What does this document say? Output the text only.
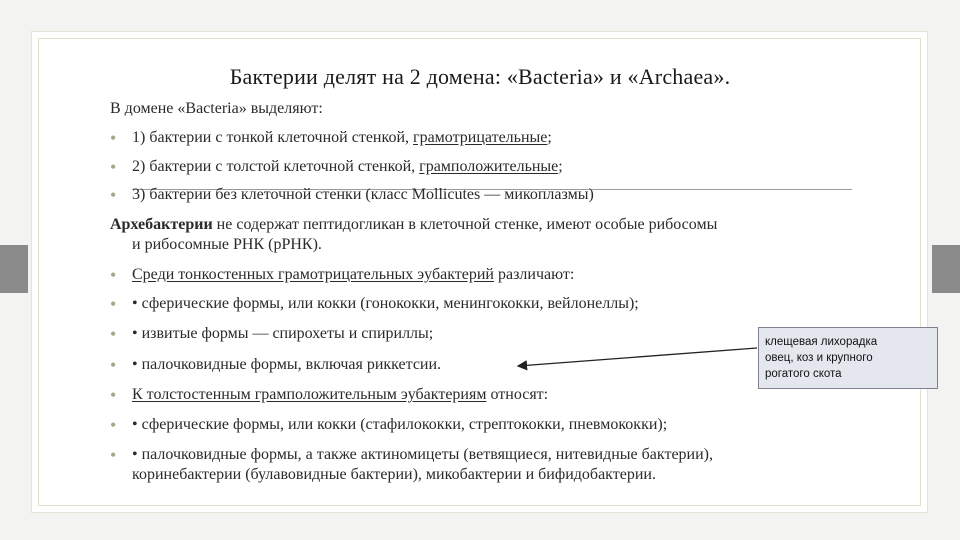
Бактерии делят на 2 домена: «Bacteria» и «Archaea».
В домене «Bacteria» выделяют:
• 1) бактерии с тонкой клеточной стенкой, грамотрицательные;
• 2) бактерии с толстой клеточной стенкой, грамположительные;
• 3) бактерии без клеточной стенки (класс Mollicutes — микоплазмы)
Архебактерии не содержат пептидогликан в клеточной стенке, имеют особые рибосомы
и рибосомные РНК (рРНК).
• Среди тонкостенных грамотрицательных эубактерий различают:
• • сферические формы, или кокки (гонококки, менингококки, вейлонеллы);
• • извитые формы — спирохеты и спириллы;
• • палочковидные формы, включая риккетсии.
• К толстостенным грамположительным эубактериям относят:
• • сферические формы, или кокки (стафилококки, стрептококки, пневмококки);
• • палочковидные формы, а также актиномицеты (ветвящиеся, нитевидные бактерии),
коринебактерии (булавовидные бактерии), микобактерии и бифидобактерии.
клещевая лихорадка
овец, коз и крупного
рогатого скота
